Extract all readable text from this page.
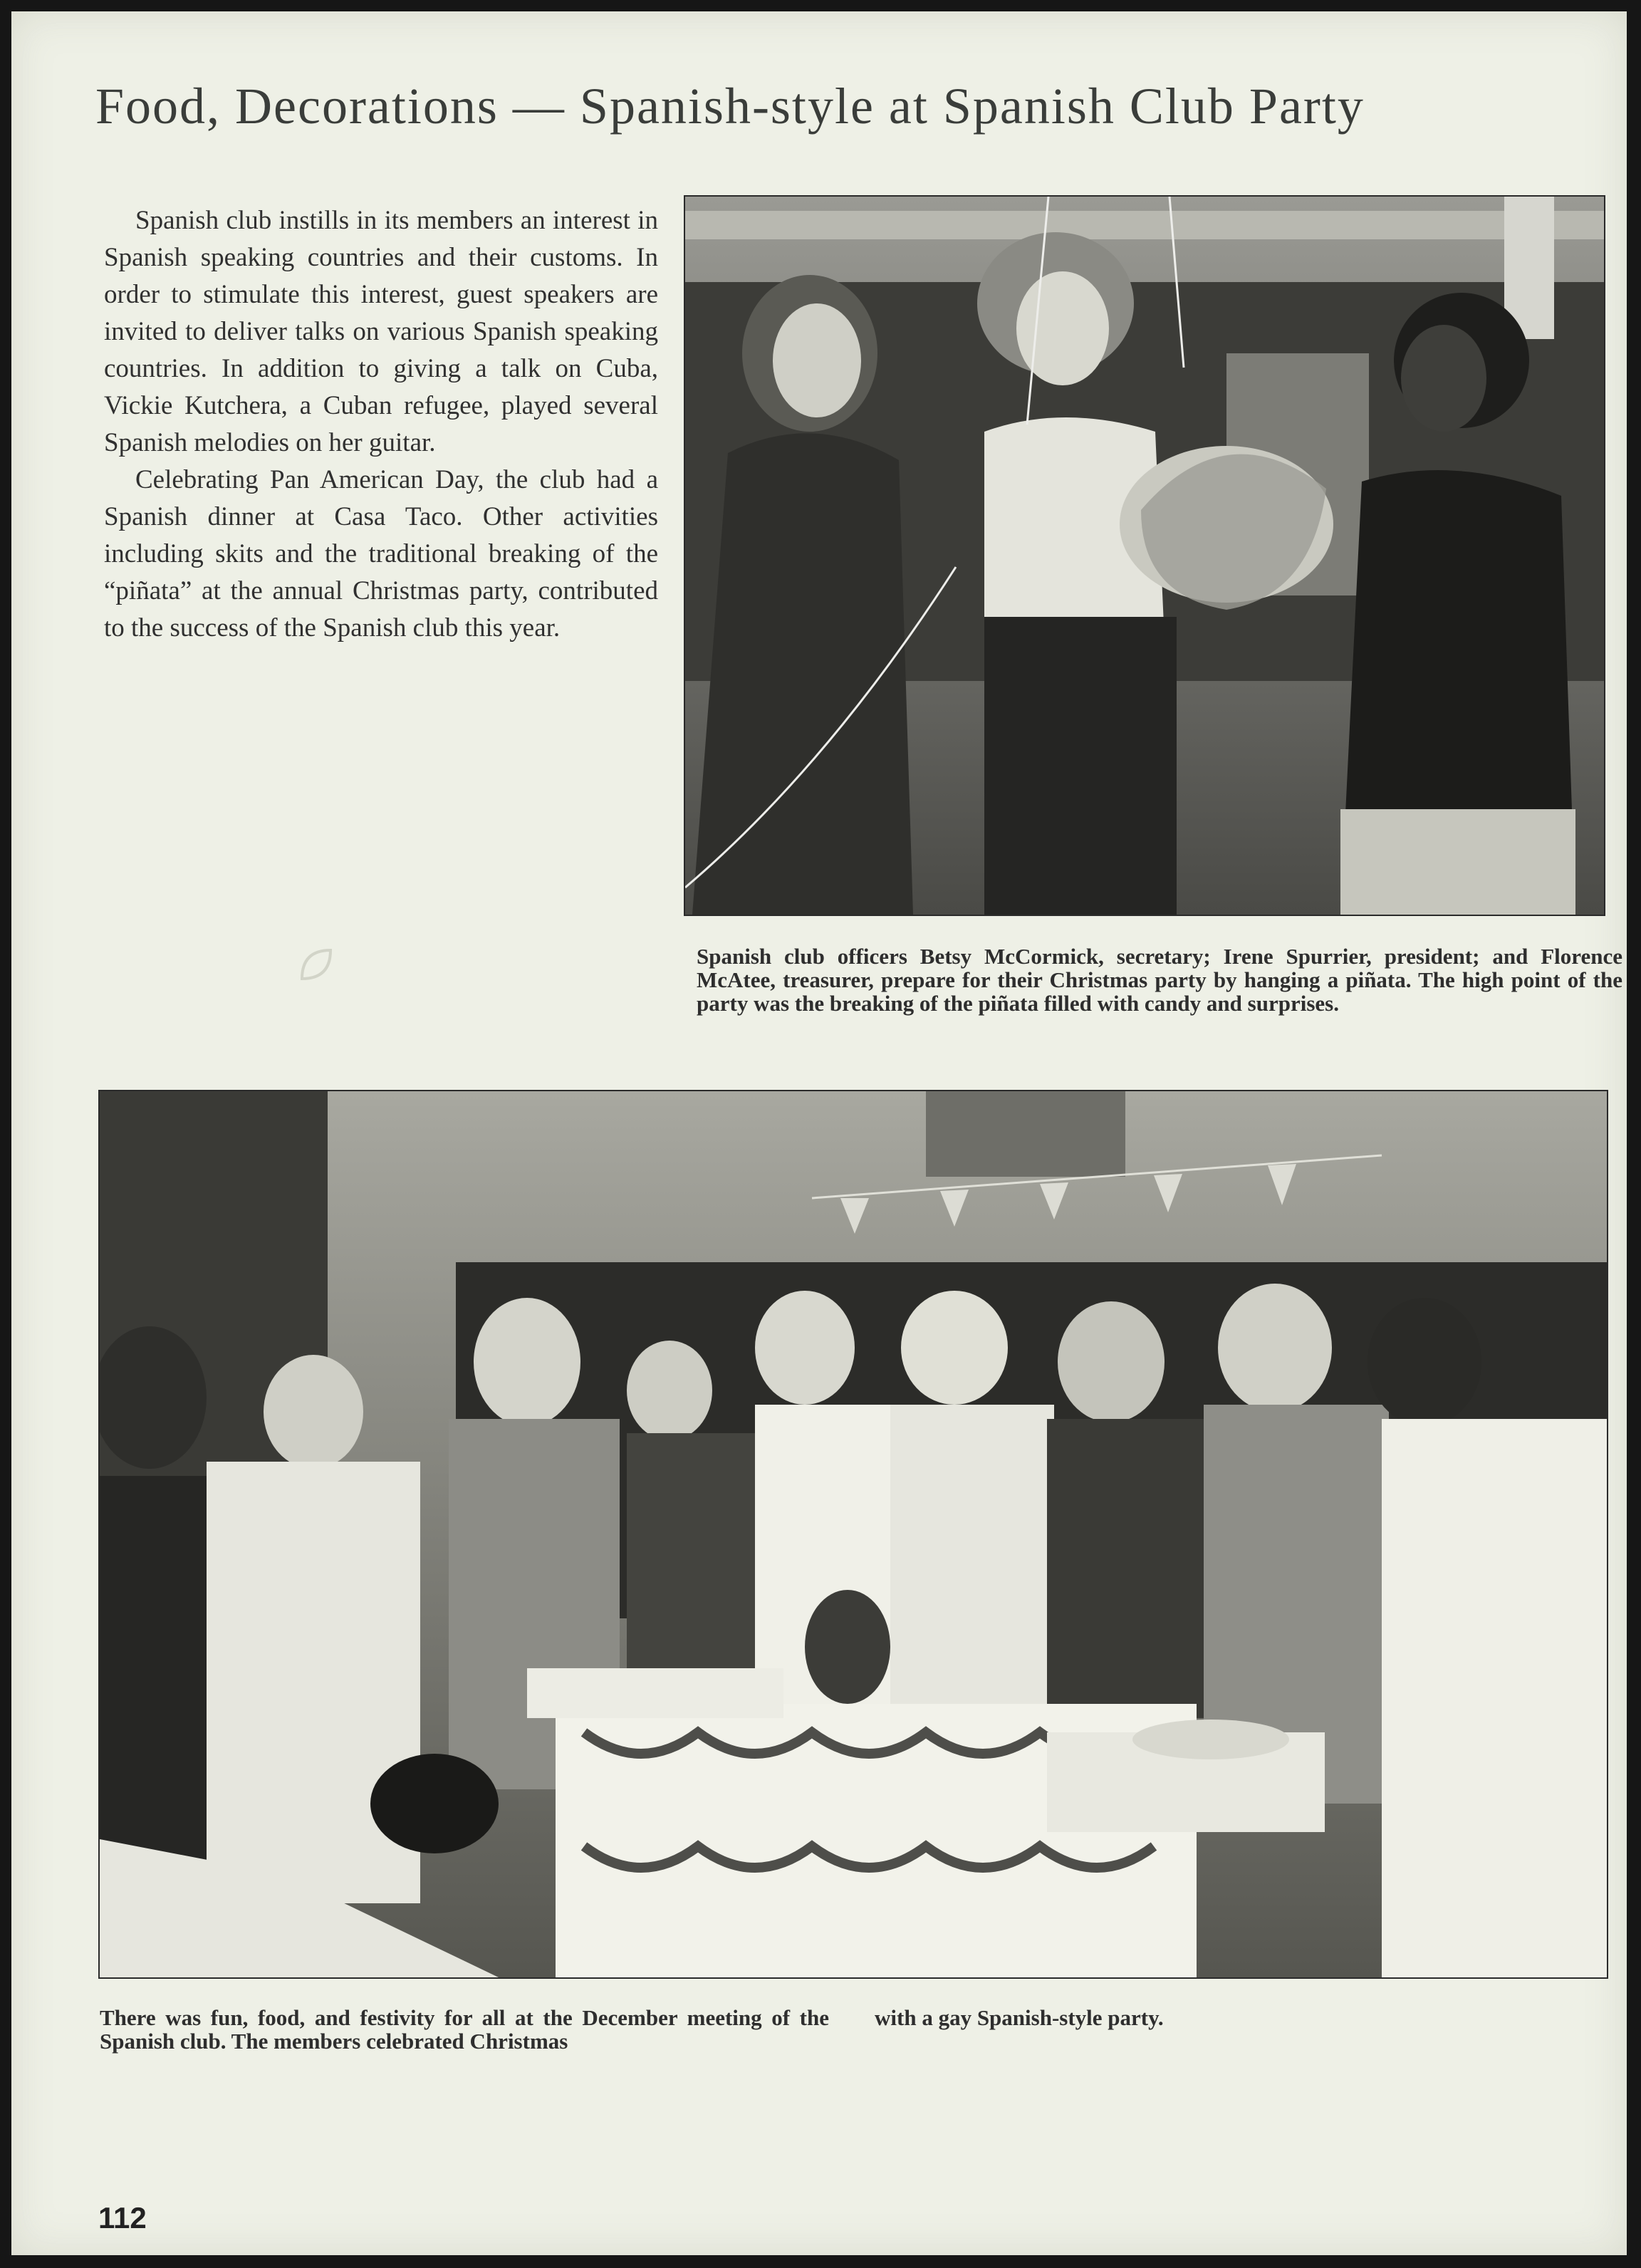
Food, Decorations — Spanish-style at Spanish Club Party

Spanish club instills in its members an interest in Spanish speaking countries and their customs. In order to stimulate this interest, guest speakers are invited to deliver talks on various Spanish speaking countries. In addition to giving a talk on Cuba, Vickie Kutchera, a Cuban refugee, played several Spanish melodies on her guitar.

Celebrating Pan American Day, the club had a Spanish dinner at Casa Taco. Other activities including skits and the traditional breaking of the “piñata” at the annual Christmas party, contributed to the success of the Spanish club this year.

Spanish club officers Betsy McCormick, secretary; Irene Spurrier, president; and Florence McAtee, treasurer, prepare for their Christmas party by hanging a piñata. The high point of the party was the breaking of the piñata filled with candy and surprises.
There was fun, food, and festivity for all at the December meeting of the Spanish club. The members celebrated Christmas
with a gay Spanish-style party.
112
